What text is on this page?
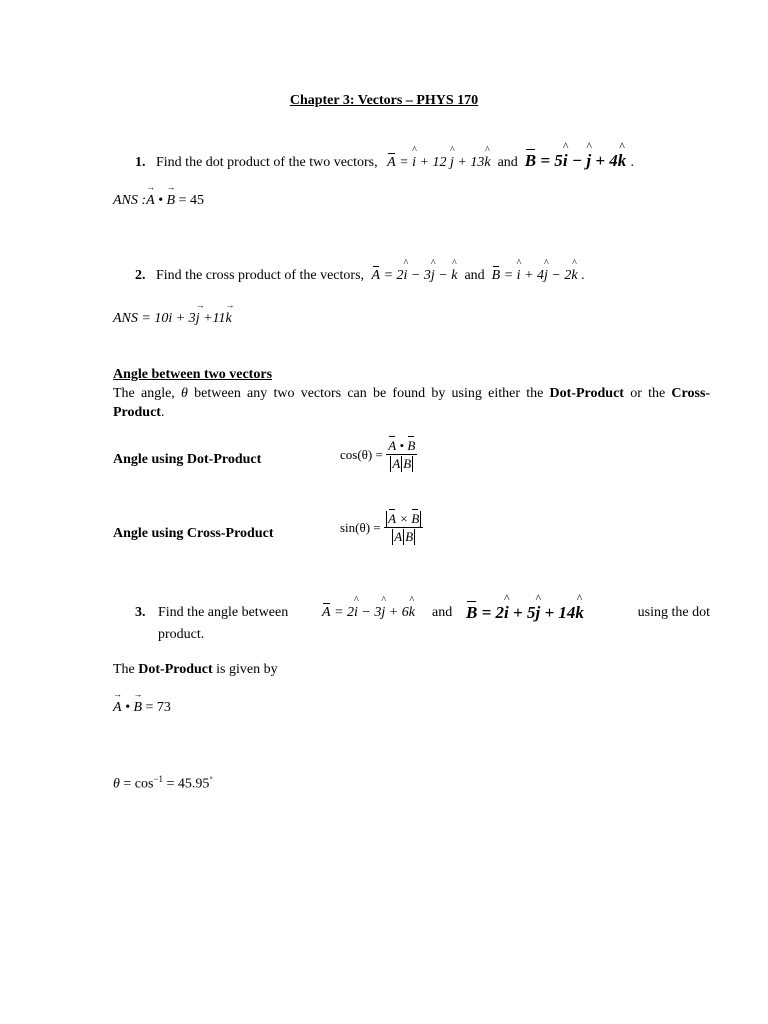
Chapter 3: Vectors – PHYS 170
1. Find the dot product of the two vectors, A = ^ i + 12 ^ j + 13^ k and B = 5^ i − ^ j + 4^ k .
ANS :→ A • → B = 45
2. Find the cross product of the vectors, A = 2^ i − 3^ j − ^ k and B = ^ i + 4^ j − 2^ k .
ANS = 10i + 3→ j +11→ k
Angle between two vectors
The angle, θ between any two vectors can be found by using either the Dot-Product or the Cross-Product.
Angle using Dot-Product	$\cos(\theta) = \frac{A • B}{\text{A B}}$
Angle using Cross-Product	$\sin(\theta) = \frac{A \times B}{\text{A B}}$
3. Find the angle between A = 2^ i − 3^ j + 6^ k and B = 2^ i + 5^ j + 14^ k	using the dot
product.
The Dot-Product is given by
→ A • → B = 73
$\theta = \cos^{-1} = 45.95^\circ$
